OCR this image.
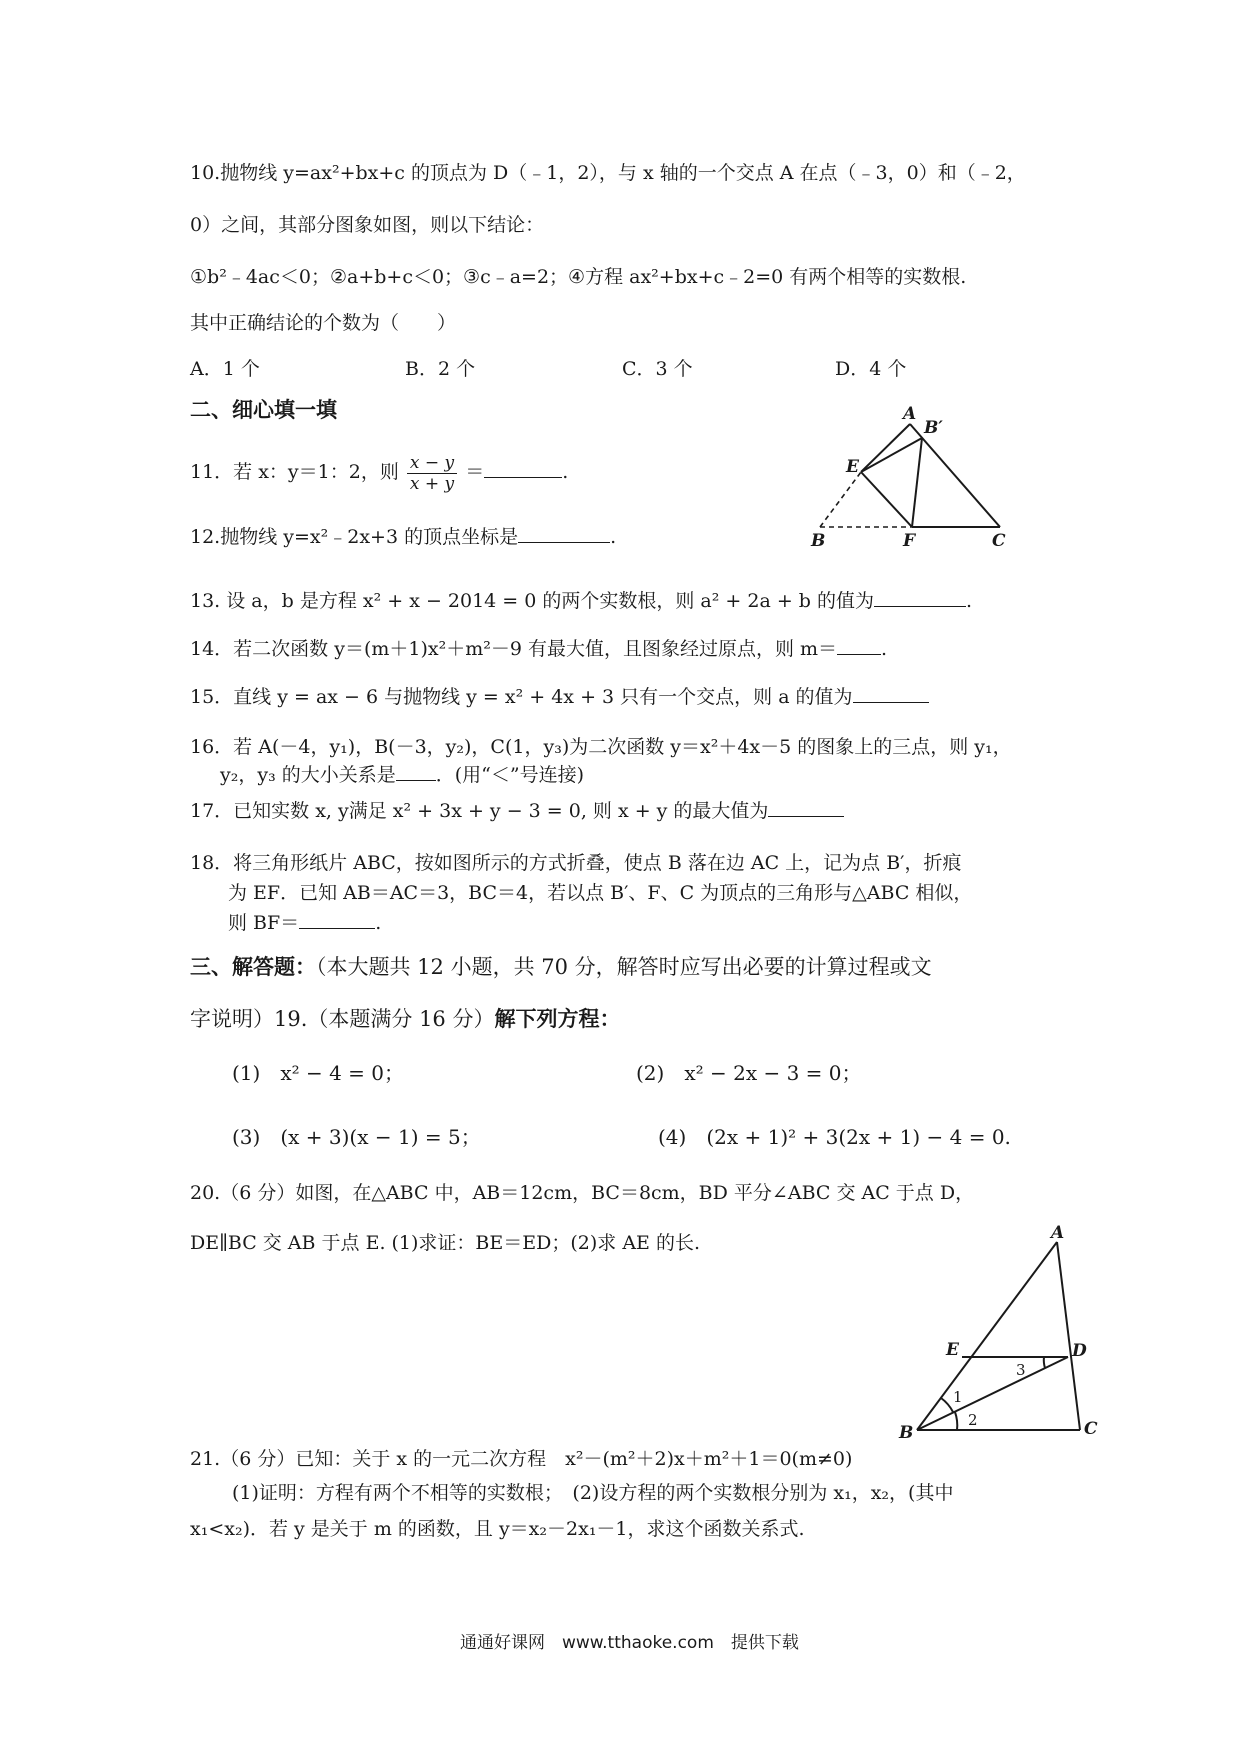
10.抛物线 y=ax²+bx+c 的顶点为 D（﹣1，2），与 x 轴的一个交点 A 在点（﹣3，0）和（﹣2，
0）之间，其部分图象如图，则以下结论：
①b²﹣4ac＜0；②a+b+c＜0；③c﹣a=2；④方程 ax²+bx+c﹣2=0 有两个相等的实数根.
其中正确结论的个数为（　　）
A．1 个	B．2 个	C．3 个	D．4 个
二、细心填一填
11．若 x：y＝1：2，则 $\frac{x - y}{x + y}$ ＝	.
12.抛物线 y=x²﹣2x+3 的顶点坐标是	.
13. 设 a，b 是方程 x² + x − 2014 = 0 的两个实数根，则 a² + 2a + b 的值为	.
14．若二次函数 y＝(m＋1)x²＋m²－9 有最大值，且图象经过原点，则 m＝ .
15．直线 y = ax − 6 与抛物线 y = x² + 4x + 3 只有一个交点，则 a 的值为
16．若 A(－4，y₁)，B(－3，y₂)，C(1，y₃)为二次函数 y＝x²＋4x－5 的图象上的三点，则 y₁，
y₂，y₃ 的大小关系是 ．(用“＜”号连接)
17．已知实数 x, y满足 x² + 3x + y − 3 = 0, 则 x + y 的最大值为
18．将三角形纸片 ABC，按如图所示的方式折叠，使点 B 落在边 AC 上，记为点 B′，折痕
为 EF．已知 AB＝AC＝3，BC＝4，若以点 B′、F、C 为顶点的三角形与△ABC 相似，
则 BF＝	.
三、解答题：（本大题共 12 小题，共 70 分，解答时应写出必要的计算过程或文
字说明）19.（本题满分 16 分）解下列方程：
(1)　x² − 4 = 0；	(2)　x² − 2x − 3 = 0；
(3)　(x + 3)(x − 1) = 5；	(4)　(2x + 1)² + 3(2x + 1) − 4 = 0.
20.（6 分）如图，在△ABC 中，AB＝12cm，BC＝8cm，BD 平分∠ABC 交 AC 于点 D，
DE∥BC 交 AB 于点 E. (1)求证：BE＝ED；(2)求 AE 的长.
21.（6 分）已知：关于 x 的一元二次方程　x²－(m²＋2)x＋m²＋1＝0(m≠0)
(1)证明：方程有两个不相等的实数根；　(2)设方程的两个实数根分别为 x₁，x₂，(其中
x₁<x₂)．若 y 是关于 m 的函数，且 y＝x₂－2x₁－1，求这个函数关系式.
A
B′
E
B	F	C
A
E	D
B	C
1
2
3
通通好课网　www.tthaoke.com　提供下载
